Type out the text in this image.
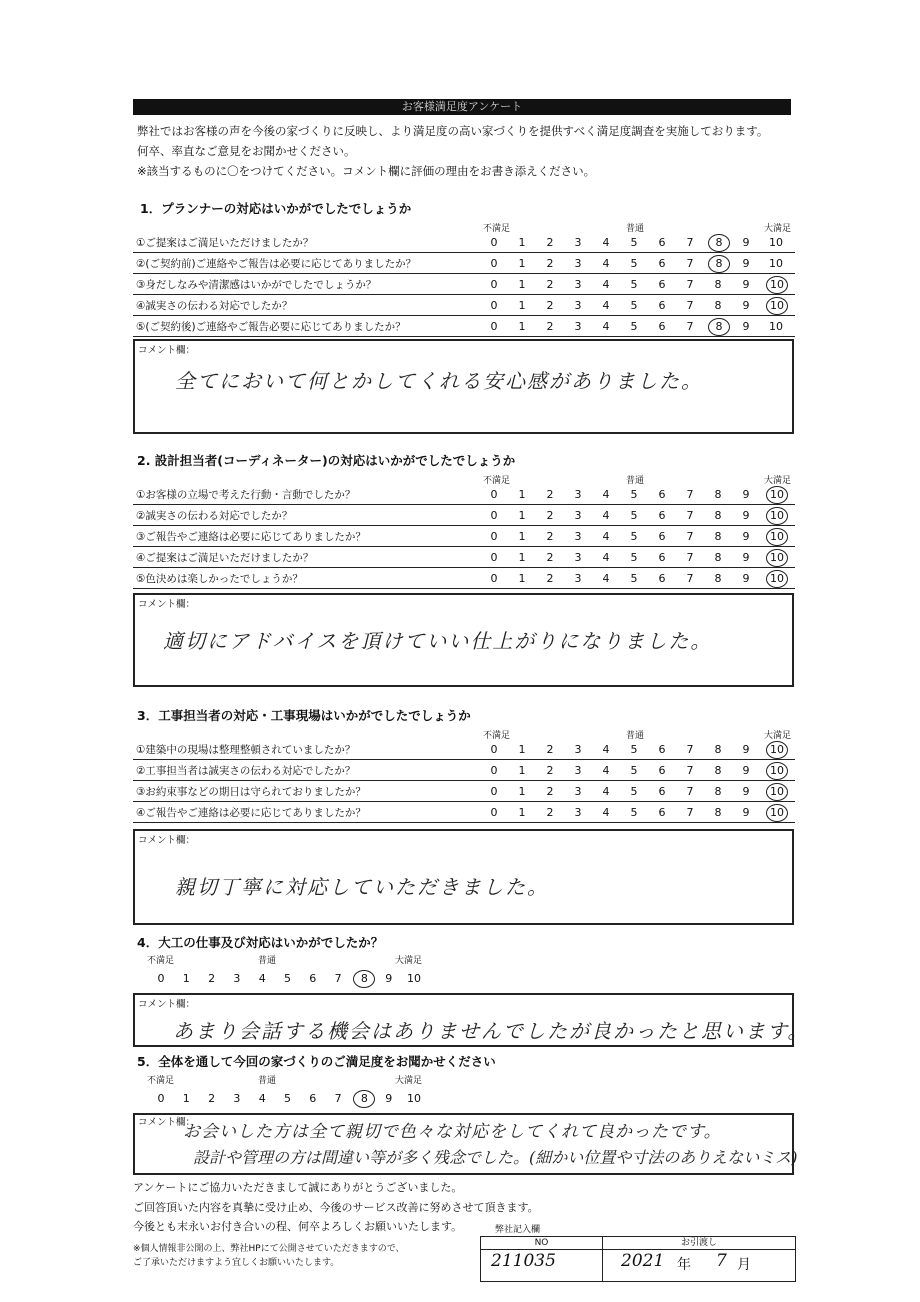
お客様満足度アンケート
弊社ではお客様の声を今後の家づくりに反映し、より満足度の高い家づくりを提供すべく満足度調査を実施しております。
何卒、率直なご意見をお聞かせください。
※該当するものに〇をつけてください。コメント欄に評価の理由をお書き添えください。
1．プランナーの対応はいかがでしたでしょうか
不満足	普通	大満足
①ご提案はご満足いただけましたか？	0	1	2	3	4	5	6	7	8	9	10
②(ご契約前)ご連絡やご報告は必要に応じてありましたか？	0	1	2	3	4	5	6	7	8	9	10
③身だしなみや清潔感はいかがでしたでしょうか？	0	1	2	3	4	5	6	7	8	9	10
④誠実さの伝わる対応でしたか？	0	1	2	3	4	5	6	7	8	9	10
⑤(ご契約後)ご連絡やご報告必要に応じてありましたか？	0	1	2	3	4	5	6	7	8	9	10
コメント欄：
全てにおいて何とかしてくれる安心感がありました。
2. 設計担当者(コーディネーター)の対応はいかがでしたでしょうか
不満足	普通	大満足
①お客様の立場で考えた行動・言動でしたか？	0	1	2	3	4	5	6	7	8	9	10
②誠実さの伝わる対応でしたか？	0	1	2	3	4	5	6	7	8	9	10
③ご報告やご連絡は必要に応じてありましたか？	0	1	2	3	4	5	6	7	8	9	10
④ご提案はご満足いただけましたか？	0	1	2	3	4	5	6	7	8	9	10
⑤色決めは楽しかったでしょうか？	0	1	2	3	4	5	6	7	8	9	10
コメント欄：
適切にアドバイスを頂けていい仕上がりになりました。
3．工事担当者の対応・工事現場はいかがでしたでしょうか
不満足	普通	大満足
①建築中の現場は整理整頓されていましたか？	0	1	2	3	4	5	6	7	8	9	10
②工事担当者は誠実さの伝わる対応でしたか？	0	1	2	3	4	5	6	7	8	9	10
③お約束事などの期日は守られておりましたか？	0	1	2	3	4	5	6	7	8	9	10
④ご報告やご連絡は必要に応じてありましたか？	0	1	2	3	4	5	6	7	8	9	10
コメント欄：
親切丁寧に対応していただきました。
4．大工の仕事及び対応はいかがでしたか？
不満足	普通	大満足
0	1	2	3	4	5	6	7	8	9	10
コメント欄：
あまり会話する機会はありませんでしたが良かったと思います。
5．全体を通して今回の家づくりのご満足度をお聞かせください
不満足	普通	大満足
0	1	2	3	4	5	6	7	8	9	10
コメント欄：
お会いした方は全て親切で色々な対応をしてくれて良かったです。
設計や管理の方は間違い等が多く残念でした。(細かい位置や寸法のありえないミス)
アンケートにご協力いただきまして誠にありがとうございました。
ご回答頂いた内容を真摯に受け止め、今後のサービス改善に努めさせて頂きます。
今後とも末永いお付き合いの程、何卒よろしくお願いいたします。
※個人情報非公開の上、弊社HPにて公開させていただきますので、
ご了承いただけますよう宜しくお願いいたします。
弊社記入欄
NO	お引渡し
211035	2021 年 7 月
